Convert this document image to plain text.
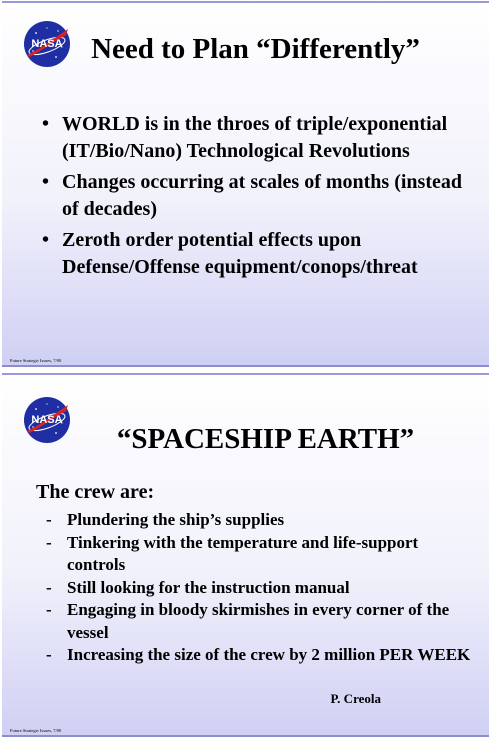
NASA Need to Plan “Differently”
• WORLD is in the throes of triple/exponential (IT/Bio/Nano) Technological Revolutions
• Changes occurring at scales of months (instead of decades)
• Zeroth order potential effects upon Defense/Offense equipment/conops/threat
Future Strategic Issues, 7/00
NASA
“SPACESHIP EARTH”
The crew are:
- Plundering the ship’s supplies
- Tinkering with the temperature and life-support controls
- Still looking for the instruction manual
- Engaging in bloody skirmishes in every corner of the vessel
- Increasing the size of the crew by 2 million PER WEEK
P. Creola
Future Strategic Issues, 7/00
